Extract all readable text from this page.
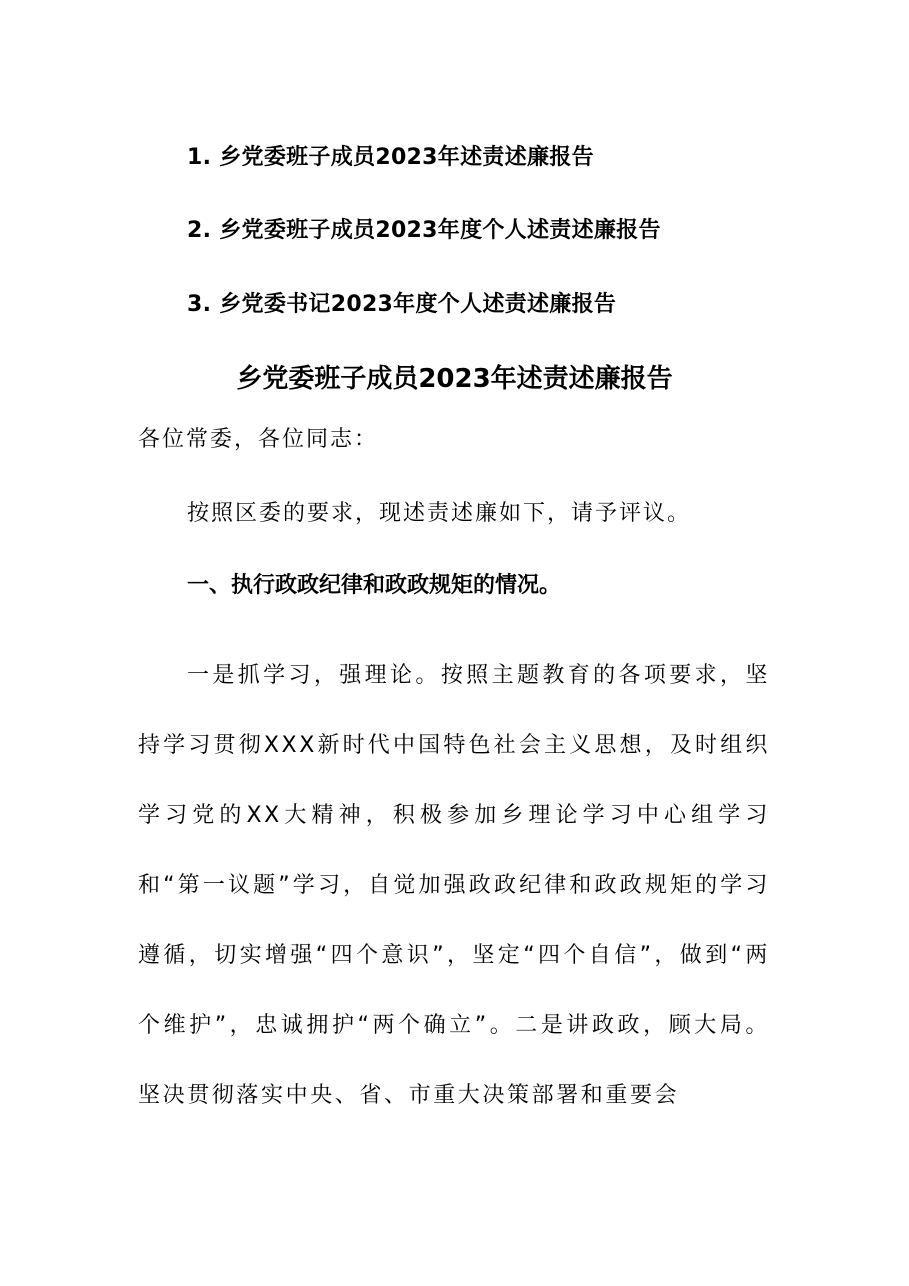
1. 乡党委班子成员2023年述责述廉报告
2. 乡党委班子成员2023年度个人述责述廉报告
3. 乡党委书记2023年度个人述责述廉报告
乡党委班子成员2023年述责述廉报告
各位常委，各位同志：
按照区委的要求，现述责述廉如下，请予评议。
一、执行政政纪律和政政规矩的情况。

一是抓学习，强理论。按照主题教育的各项要求，坚持学习贯彻XXX新时代中国特色社会主义思想，及时组织学习党的XX大精神，积极参加乡理论学习中心组学习和“第一议题”学习，自觉加强政政纪律和政政规矩的学习遵循，切实增强“四个意识”，坚定“四个自信”，做到“两个维护”，忠诚拥护“两个确立”。二是讲政政，顾大局。坚决贯彻落实中央、省、市重大决策部署和重要会
